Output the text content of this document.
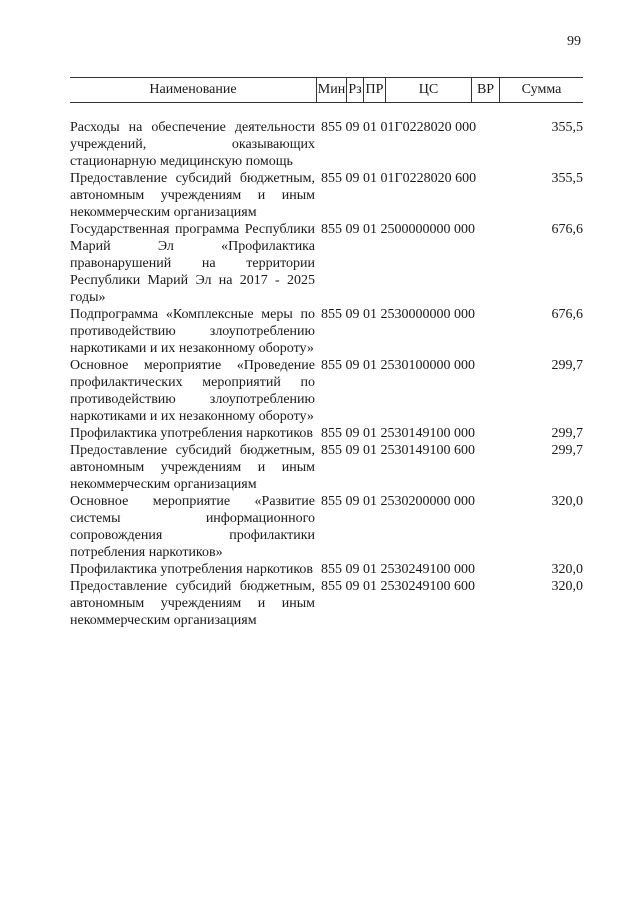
99
Наименование	Мин Рз ПР	ЦС	ВР	Сумма
Расходы на обеспечение деятельности учреждений, оказывающих стационарную медицинскую помощь
855 09 01 01Г0228020 000	355,5
Предоставление субсидий бюджетным, автономным учреждениям и иным некоммерческим организациям
855 09 01 01Г0228020 600	355,5
Государственная программа Республики Марий Эл «Профилактика правонарушений на территории Республики Марий Эл на 2017 - 2025 годы»
855 09 01 2500000000 000	676,6
Подпрограмма «Комплексные меры по противодействию злоупотреблению наркотиками и их незаконному обороту»
855 09 01 2530000000 000	676,6
Основное мероприятие «Проведение профилактических мероприятий по противодействию злоупотреблению наркотиками и их незаконному обороту»
855 09 01 2530100000 000	299,7
Профилактика употребления наркотиков 855 09 01 2530149100 000	299,7
Предоставление субсидий бюджетным, автономным учреждениям и иным некоммерческим организациям
855 09 01 2530149100 600	299,7
Основное мероприятие «Развитие системы информационного сопровождения профилактики потребления наркотиков»
855 09 01 2530200000 000	320,0
Профилактика употребления наркотиков 855 09 01 2530249100 000	320,0
Предоставление субсидий бюджетным, автономным учреждениям и иным некоммерческим организациям
855 09 01 2530249100 600	320,0
